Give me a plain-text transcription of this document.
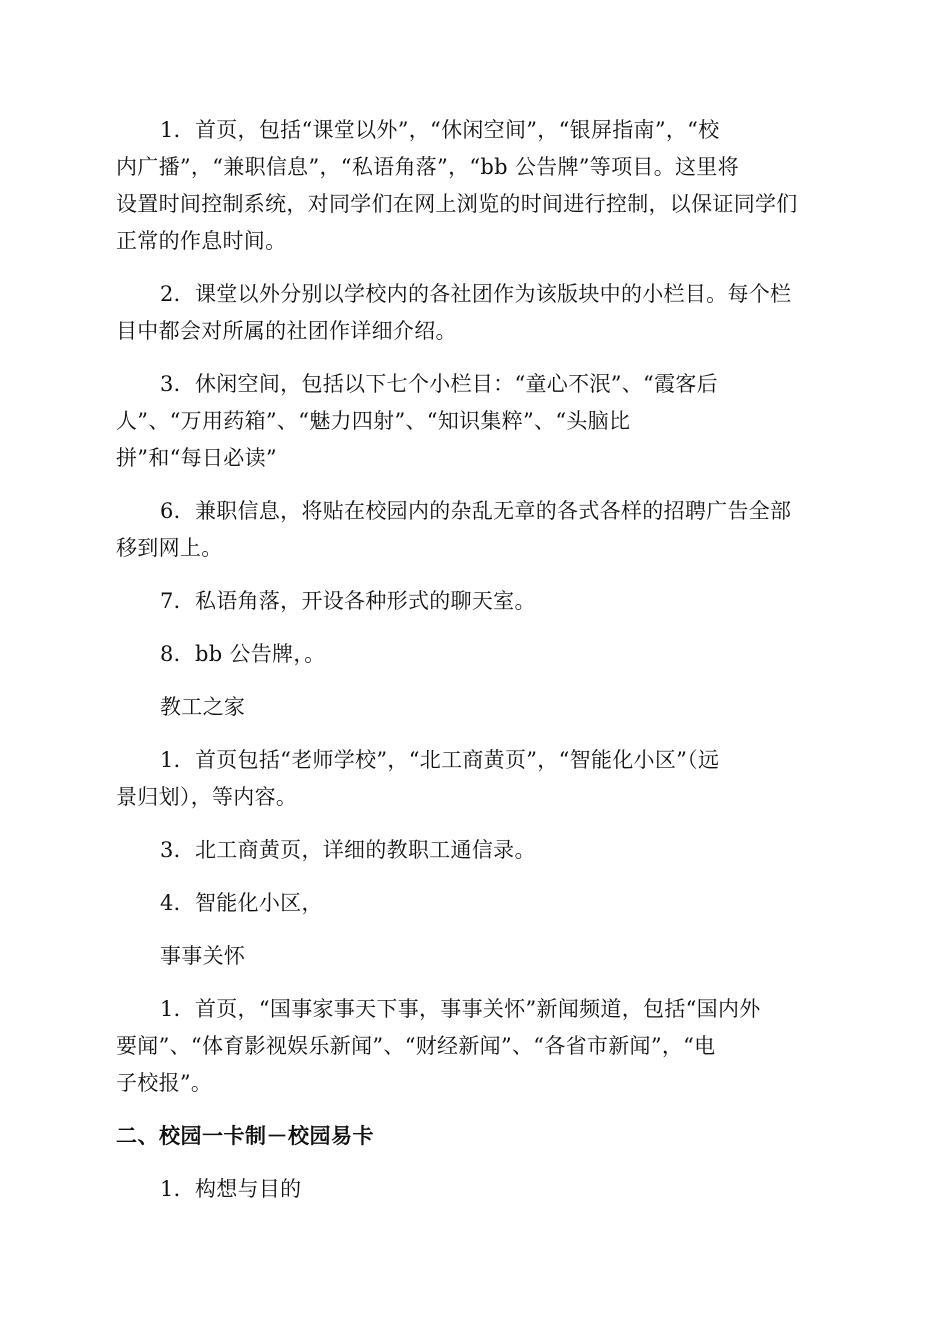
1．首页，包括“课堂以外”，“休闲空间”，“银屏指南”，“校
内广播”，“兼职信息”，“私语角落”，“bb 公告牌”等项目。这里将
设置时间控制系统，对同学们在网上浏览的时间进行控制，以保证同学们
正常的作息时间。

2．课堂以外分别以学校内的各社团作为该版块中的小栏目。每个栏
目中都会对所属的社团作详细介绍。

3．休闲空间，包括以下七个小栏目：“童心不泯”、“霞客后
人”、“万用药箱”、“魅力四射”、“知识集粹”、“头脑比
拼”和“每日必读”

6．兼职信息，将贴在校园内的杂乱无章的各式各样的招聘广告全部
移到网上。

7．私语角落，开设各种形式的聊天室。

8．bb 公告牌，。

教工之家

1．首页包括“老师学校”，“北工商黄页”，“智能化小区”（远
景归划），等内容。

3．北工商黄页，详细的教职工通信录。

4．智能化小区，

事事关怀

1．首页，“国事家事天下事，事事关怀”新闻频道，包括“国内外
要闻”、“体育影视娱乐新闻”、“财经新闻”、“各省市新闻”，“电
子校报”。

二、校园一卡制－校园易卡

1．构想与目的
